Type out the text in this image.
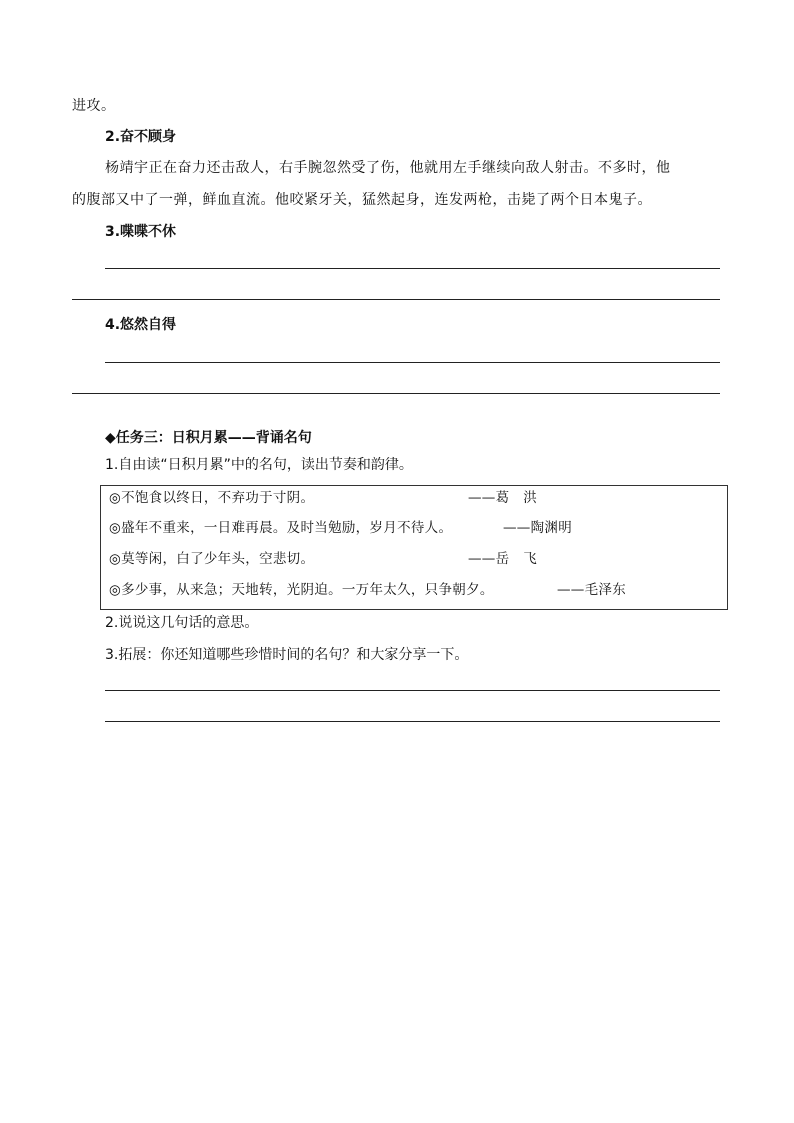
进攻。
2.奋不顾身
杨靖宇正在奋力还击敌人，右手腕忽然受了伤，他就用左手继续向敌人射击。不多时，他
的腹部又中了一弹，鲜血直流。他咬紧牙关，猛然起身，连发两枪，击毙了两个日本鬼子。
3.喋喋不休
4.悠然自得
◆任务三：日积月累——背诵名句
1.自由读“日积月累”中的名句，读出节奏和韵律。
◎不饱食以终日，不弃功于寸阴。	——葛　洪
◎盛年不重来，一日难再晨。及时当勉励，岁月不待人。	——陶渊明
◎莫等闲，白了少年头，空悲切。	——岳　飞
◎多少事，从来急；天地转，光阴迫。一万年太久，只争朝夕。	——毛泽东
2.说说这几句话的意思。
3.拓展：你还知道哪些珍惜时间的名句？和大家分享一下。
